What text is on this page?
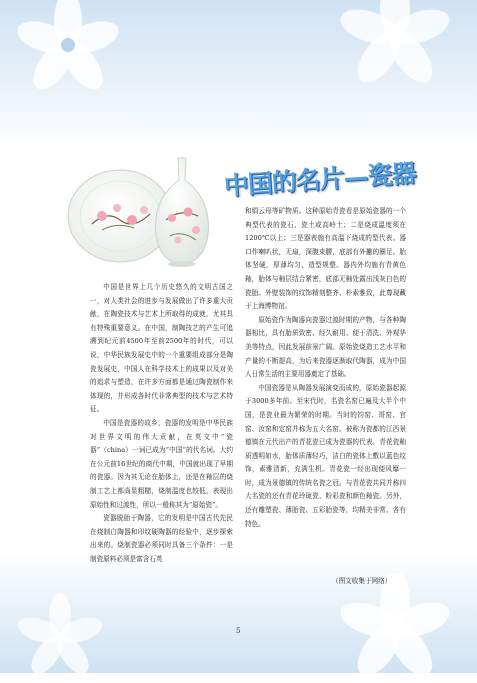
中国的名片—瓷器

中国是世界上几个历史悠久的文明古国之一，对人类社会的进步与发展做出了许多重大贡献，在陶瓷技术与艺术上所取得的成就，尤其具有特殊重要意义。在中国，制陶技艺的产生可追溯到纪元前4500年至前2500年的时代，可以说，中华民族发展史中的一个重要组成部分是陶瓷发展史，中国人在科学技术上的成果以及对美的追求与塑造，在许多方面都是通过陶瓷制作来体现的，并形成各时代非常典型的技术与艺术特征。

中国是瓷器的故乡，瓷器的发明是中华民族对世界文明的伟大贡献，在英文中“瓷器”（china）一词已成为“中国”的代名词。大约在公元前16世纪的商代中期，中国就出现了早期的瓷器。因为其无论在胎体上，还是在釉层的烧制工艺上都尚显粗糙，烧制温度也较低，表现出原始性和过渡性，所以一般称其为“原始瓷”。

瓷器脱胎于陶器，它的发明是中国古代先民在烧制白陶器和印纹硬陶器的经验中，逐步探索出来的。烧制瓷器必须同时具备三个条件：一是制瓷原料必须是富含石英

和绢云母等矿物质。这种原始青瓷看是原始瓷器的一个典型代表的瓷石、瓷土或高岭土；二是烧成温度须在1200℃以上；三是器表施有高温下烧成的型代表。器口作喇叭状，无扇，深腹束腰，底部有外撇的圈足。胎体坚硬，厚薄均匀，造型规整。器内外均施有青黄色釉，胎体与釉层结合紧密，底部无釉处露出浅灰白色的瓷胎。外壁装饰的纹饰精刻整齐、朴素雅致，此尊现藏于上海博物馆。

原始瓷作为陶器向瓷器过渡时期的产物，与各种陶器相比，具有胎质致密、经久耐用、便于清洗、外观华美等特点，因此发展前景广阔。原始瓷烧造工艺水平和产量的不断提高，为后来瓷器逐渐取代陶器，成为中国人日常生活的主要用器奠定了基础。

中国瓷器是从陶器发展演变而成的，原始瓷器起源于3000多年前。至宋代时，名瓷名窑已遍及大半个中国，是瓷业最为繁荣的时期。当时的钧窑、哥窑、官窑、汝窑和定窑并称为五大名窑。被称为瓷都的江西景德镇在元代出产的青花瓷已成为瓷器的代表。青花瓷釉质透明如水，胎体质薄轻巧，洁白的瓷体上敷以蓝色纹饰，素雅清新，充满生机。青花瓷一经出现便风靡一时，成为景德镇的传统名瓷之冠。与青花瓷共同并称四大名瓷的还有青花玲珑瓷、粉彩瓷和颜色釉瓷。另外，还有雕塑瓷、薄胎瓷、五彩胎瓷等，均精美非常、各有特色。

（图文收集于网络）
5
